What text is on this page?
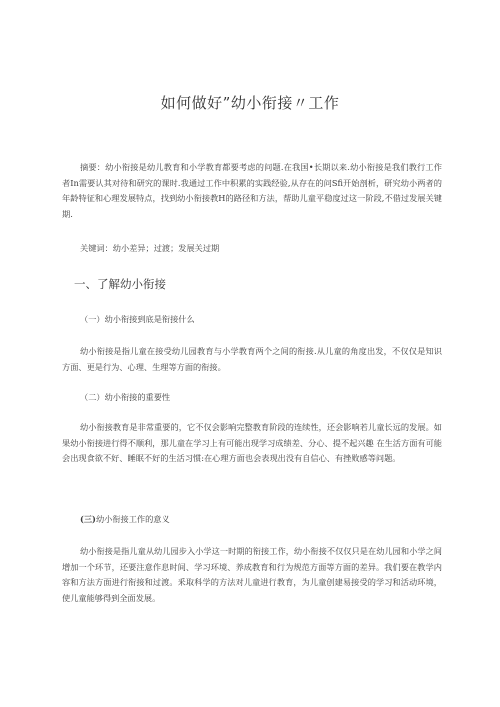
如何做好”幼小衔接〃工作
摘要：幼小衔接是幼儿教育和小学教育都要考虑的问题.在我国•长期以来.幼小衔接是我们教行工作者In需要认其对待和研究的课时.我通过工作中积累的实践经验,从存在的问Sfi开始剖析，研究幼小两者的年龄特征和心理发展特点，找到幼小衔接教H的路径和方法，帮助儿童平稳度过这一阶段,不借过发展关键期.
关键词：幼小差异；过渡；发展关过期
一、了解幼小衔接
（一）幼小衔接到底是衔接什么
幼小衔接是指儿童在接受幼儿园教育与小学教育两个之间的衔接.从儿童的角度出发，不仅仅是知识方面、更是行为、心理、生理等方面的衔接。
（二）幼小衔接的重要性
幼小衔接教育是非常重要的，它不仅会影响完整教育阶段的连续性，还会影响若儿童长远的发展。如果幼小衔接进行得不顺利，那儿童在学习上有可能出现学习成绩差、分心、提不起兴趣 在生活方面有可能会出现食欲不好、睡眠不好的生活习惯:在心理方面也会表现出没有自信心、有挫败感等问题。
(三)幼小衔接工作的意义
幼小衔接是指儿童从幼儿园步入小学这一时期的衔接工作，幼小衔接不仅仅只是在幼儿园和小学之间增加一个环节，还要注意作息时间、学习环境、养成教育和行为规范方面等方面的差异。我们要在教学内容和方法方面进行衔接和过渡。釆取科学的方法对儿童进行教育，为儿童创建易接受的学习和活动环境，使儿童能够得到全面发展。
